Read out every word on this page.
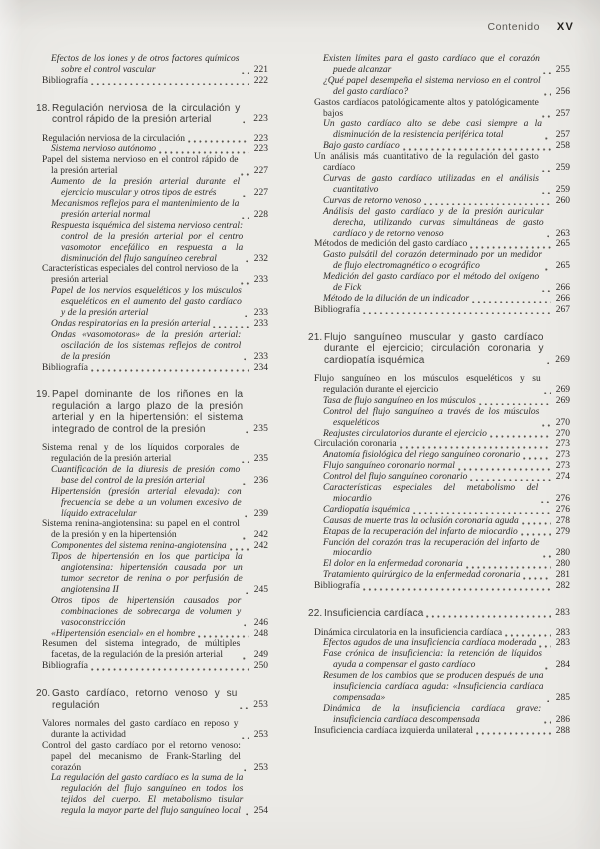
Contenido XV
Efectos de los iones y de otros factores químicos sobre el control vascular	221
Bibliografía	222
18. Regulación nerviosa de la circulación y control rápido de la presión arterial	223
Regulación nerviosa de la circulación	223
Sistema nervioso autónomo	223
Papel del sistema nervioso en el control rápido de la presión arterial	227
Aumento de la presión arterial durante el ejercicio muscular y otros tipos de estrés	227
Mecanismos reflejos para el mantenimiento de la presión arterial normal	228
Respuesta isquémica del sistema nervioso central: control de la presión arterial por el centro vasomotor encefálico en respuesta a la disminución del flujo sanguíneo cerebral	232
Características especiales del control nervioso de la presión arterial	233
Papel de los nervios esqueléticos y los músculos esqueléticos en el aumento del gasto cardíaco y de la presión arterial	233
Ondas respiratorias en la presión arterial	233
Ondas «vasomotoras» de la presión arterial: oscilación de los sistemas reflejos de control de la presión	233
Bibliografía	234
19. Papel dominante de los riñones en la regulación a largo plazo de la presión arterial y en la hipertensión: el sistema integrado de control de la presión	235
Sistema renal y de los líquidos corporales de regulación de la presión arterial	235
Cuantificación de la diuresis de presión como base del control de la presión arterial	236
Hipertensión (presión arterial elevada): con frecuencia se debe a un volumen excesivo de líquido extracelular	239
Sistema renina-angiotensina: su papel en el control de la presión y en la hipertensión	242
Componentes del sistema renina-angiotensina	242
Tipos de hipertensión en los que participa la angiotensina: hipertensión causada por un tumor secretor de renina o por perfusión de angiotensina II	245
Otros tipos de hipertensión causados por combinaciones de sobrecarga de volumen y vasoconstricción	246
«Hipertensión esencial» en el hombre	248
Resumen del sistema integrado, de múltiples facetas, de la regulación de la presión arterial	249
Bibliografía	250
20. Gasto cardíaco, retorno venoso y su regulación	253
Valores normales del gasto cardíaco en reposo y durante la actividad	253
Control del gasto cardíaco por el retorno venoso: papel del mecanismo de Frank-Starling del corazón	253
La regulación del gasto cardíaco es la suma de la regulación del flujo sanguíneo en todos los tejidos del cuerpo. El metabolismo tisular regula la mayor parte del flujo sanguíneo local 254
Existen límites para el gasto cardíaco que el corazón puede alcanzar	255
¿Qué papel desempeña el sistema nervioso en el control del gasto cardíaco?	256
Gastos cardíacos patológicamente altos y patológicamente bajos	257
Un gasto cardíaco alto se debe casi siempre a la disminución de la resistencia periférica total	257
Bajo gasto cardíaco	258
Un análisis más cuantitativo de la regulación del gasto cardíaco	259
Curvas de gasto cardíaco utilizadas en el análisis cuantitativo	259
Curvas de retorno venoso	260
Análisis del gasto cardíaco y de la presión auricular derecha, utilizando curvas simultáneas de gasto cardíaco y de retorno venoso	263
Métodos de medición del gasto cardíaco	265
Gasto pulsátil del corazón determinado por un medidor de flujo electromagnético o ecográfico	265
Medición del gasto cardíaco por el método del oxígeno de Fick	266
Método de la dilución de un indicador	266
Bibliografía	267
21. Flujo sanguíneo muscular y gasto cardíaco durante el ejercicio; circulación coronaria y cardiopatía isquémica	269
Flujo sanguíneo en los músculos esqueléticos y su regulación durante el ejercicio	269
Tasa de flujo sanguíneo en los músculos	269
Control del flujo sanguíneo a través de los músculos esqueléticos	270
Reajustes circulatorios durante el ejercicio	270
Circulación coronaria	273
Anatomía fisiológica del riego sanguíneo coronario	273
Flujo sanguíneo coronario normal	273
Control del flujo sanguíneo coronario	274
Características especiales del metabolismo del miocardio	276
Cardiopatía isquémica	276
Causas de muerte tras la oclusión coronaria aguda	278
Etapas de la recuperación del infarto de miocardio	279
Función del corazón tras la recuperación del infarto de miocardio	280
El dolor en la enfermedad coronaria	280
Tratamiento quirúrgico de la enfermedad coronaria	281
Bibliografía	282
22. Insuficiencia cardíaca	283
Dinámica circulatoria en la insuficiencia cardíaca	283
Efectos agudos de una insuficiencia cardíaca moderada 283
Fase crónica de insuficiencia: la retención de líquidos ayuda a compensar el gasto cardíaco	284
Resumen de los cambios que se producen después de una insuficiencia cardíaca aguda: «Insuficiencia cardíaca compensada»	285
Dinámica de la insuficiencia cardíaca grave: insuficiencia cardíaca descompensada	286
Insuficiencia cardíaca izquierda unilateral	288
